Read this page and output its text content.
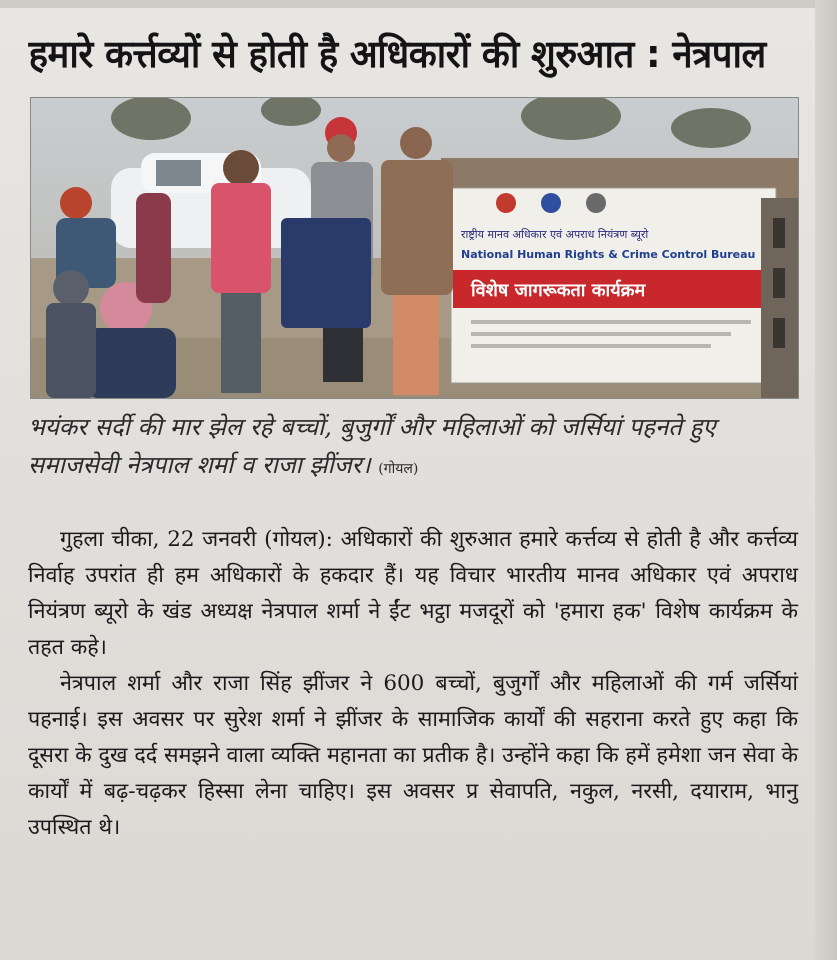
हमारे कर्त्तव्यों से होती है अधिकारों की शुरुआत : नेत्रपाल
राष्ट्रीय मानव अधिकार एवं अपराध नियंत्रण ब्यूरो
National Human Rights & Crime Control Bureau
विशेष जागरूकता कार्यक्रम
भयंकर सर्दी की मार झेल रहे बच्चों, बुजुर्गों और महिलाओं को जर्सियां पहनते हुए समाजसेवी नेत्रपाल शर्मा व राजा झींजर। (गोयल)

गुहला चीका, 22 जनवरी (गोयल): अधिकारों की शुरुआत हमारे कर्त्तव्य से होती है और कर्त्तव्य निर्वाह उपरांत ही हम अधिकारों के हकदार हैं। यह विचार भारतीय मानव अधिकार एवं अपराध नियंत्रण ब्यूरो के खंड अध्यक्ष नेत्रपाल शर्मा ने ईंट भट्ठा मजदूरों को 'हमारा हक' विशेष कार्यक्रम के तहत कहे।

नेत्रपाल शर्मा और राजा सिंह झींजर ने 600 बच्चों, बुजुर्गों और महिलाओं की गर्म जर्सियां पहनाई। इस अवसर पर सुरेश शर्मा ने झींजर के सामाजिक कार्यों की सहराना करते हुए कहा कि दूसरा के दुख दर्द समझने वाला व्यक्ति महानता का प्रतीक है। उन्होंने कहा कि हमें हमेशा जन सेवा के कार्यों में बढ़-चढ़कर हिस्सा लेना चाहिए। इस अवसर प्र सेवापति, नकुल, नरसी, दयाराम, भानु उपस्थित थे।
